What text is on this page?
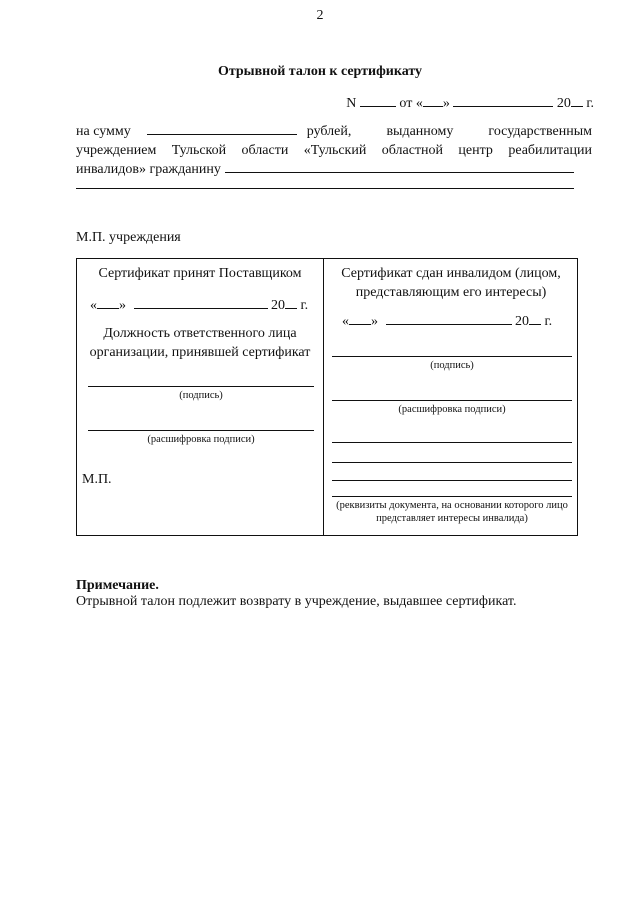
2
Отрывной талон к сертификату
N	от « »	20 г.
на сумму	рублей, выданному государственным
учреждением Тульской области «Тульский областной центр реабилитации
инвалидов» гражданину
М.П. учреждения
Сертификат принят Поставщиком
« »	20 г.
Должность ответственного лица организации, принявшей сертификат
(подпись)
(расшифровка подписи)
М.П.
Сертификат сдан инвалидом (лицом, представляющим его интересы)
« »	20 г.
(подпись)
(расшифровка подписи)
(реквизиты документа, на основании которого лицо представляет интересы инвалида)
Примечание.
Отрывной талон подлежит возврату в учреждение, выдавшее сертификат.
